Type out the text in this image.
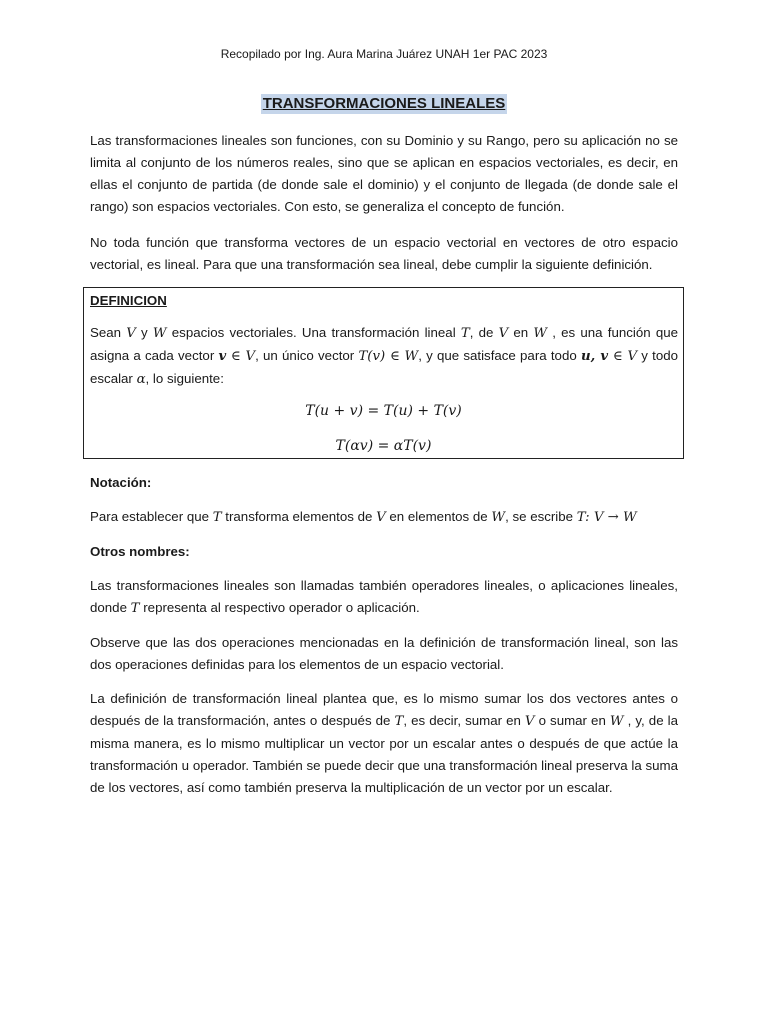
Recopilado por Ing. Aura Marina Juárez UNAH 1er PAC 2023
TRANSFORMACIONES LINEALES

Las transformaciones lineales son funciones, con su Dominio y su Rango, pero su aplicación no se limita al conjunto de los números reales, sino que se aplican en espacios vectoriales, es decir, en ellas el conjunto de partida (de donde sale el dominio) y el conjunto de llegada (de donde sale el rango) son espacios vectoriales. Con esto, se generaliza el concepto de función.

No toda función que transforma vectores de un espacio vectorial en vectores de otro espacio vectorial, es lineal. Para que una transformación sea lineal, debe cumplir la siguiente definición.

DEFINICION

Sean V y W espacios vectoriales. Una transformación lineal T, de V en W , es una función que asigna a cada vector v ∈ V, un único vector T(v) ∈ W, y que satisface para todo u, v ∈ V y todo escalar α, lo siguiente:

T(u + v) = T(u) + T(v)
T(αv) = αT(v)
Notación:

Para establecer que T transforma elementos de V en elementos de W, se escribe T: V → W

Otros nombres:

Las transformaciones lineales son llamadas también operadores lineales, o aplicaciones lineales, donde T representa al respectivo operador o aplicación.

Observe que las dos operaciones mencionadas en la definición de transformación lineal, son las dos operaciones definidas para los elementos de un espacio vectorial.

La definición de transformación lineal plantea que, es lo mismo sumar los dos vectores antes o después de la transformación, antes o después de T, es decir, sumar en V o sumar en W , y, de la misma manera, es lo mismo multiplicar un vector por un escalar antes o después de que actúe la transformación u operador. También se puede decir que una transformación lineal preserva la suma de los vectores, así como también preserva la multiplicación de un vector por un escalar.
